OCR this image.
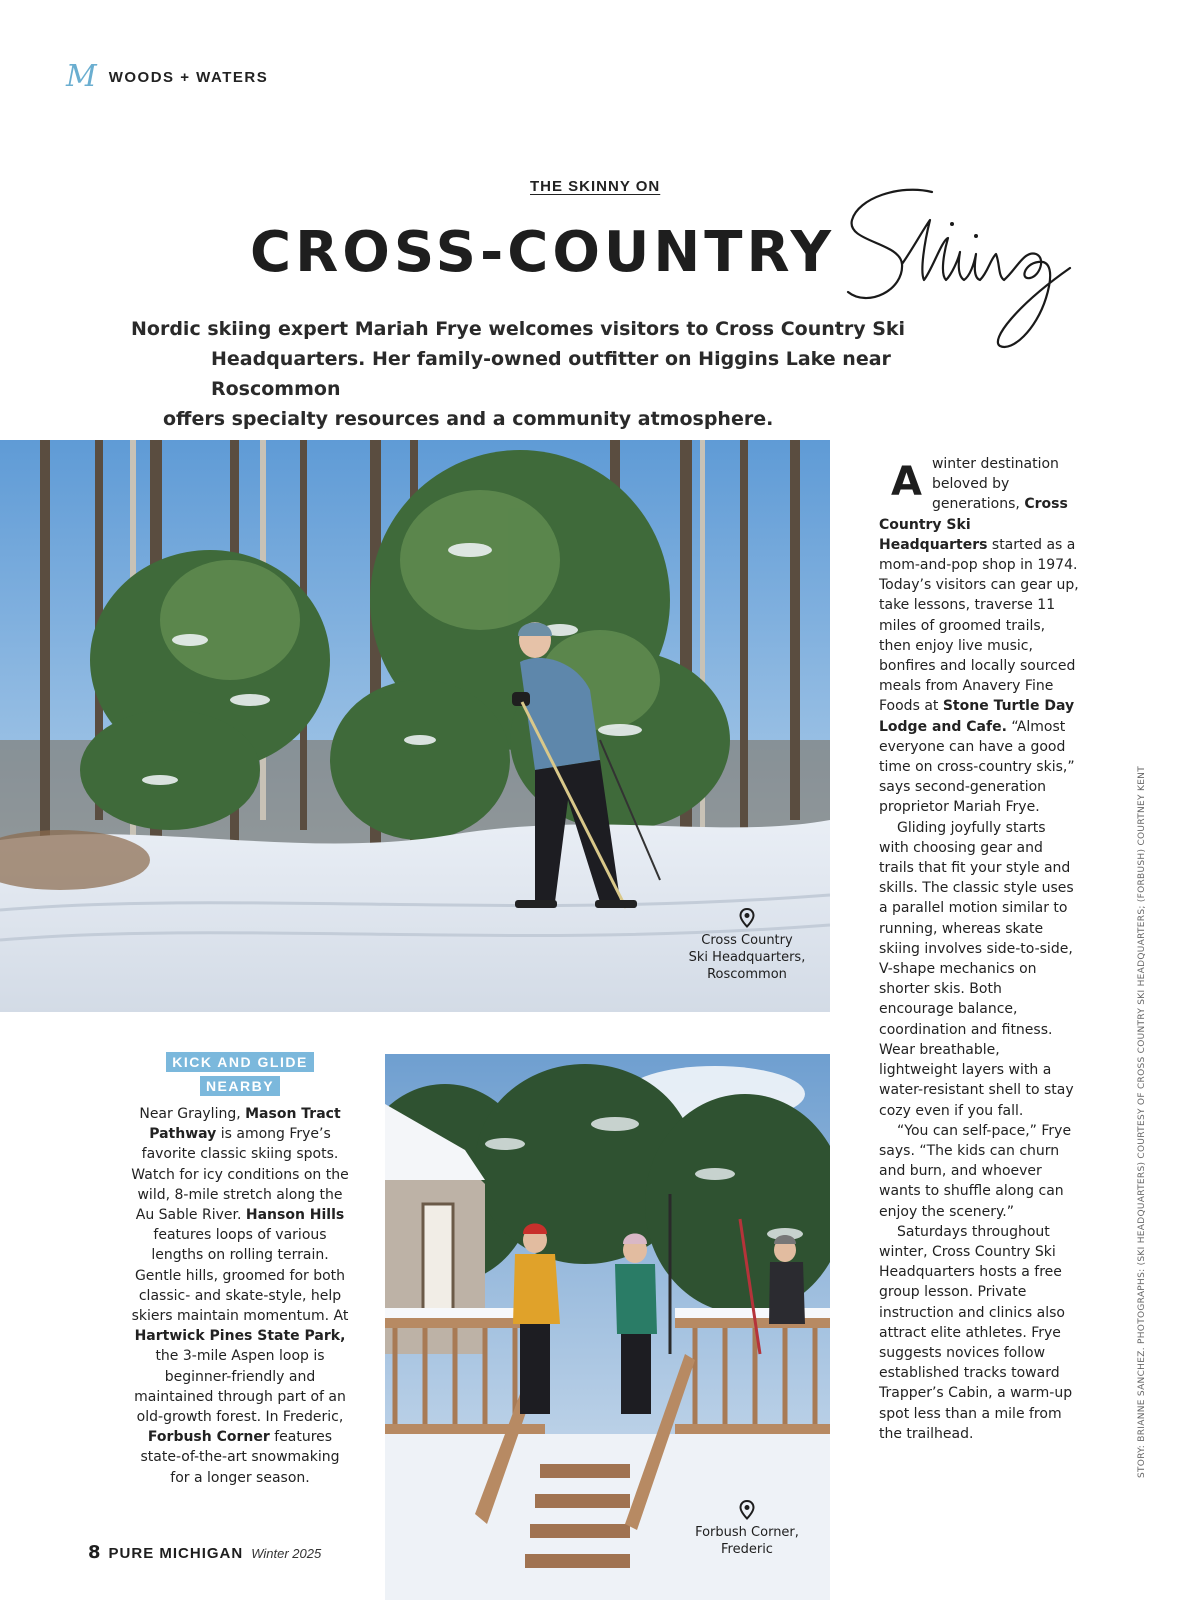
M WOODS + WATERS
THE SKINNY ON
CROSS-COUNTRY
Nordic skiing expert Mariah Frye welcomes visitors to Cross Country Ski
Headquarters. Her family-owned outfitter on Higgins Lake near Roscommon
offers specialty resources and a community atmosphere.
Cross Country
Ski Headquarters,
Roscommon

Awinter destination beloved by generations, Cross Country Ski Headquarters started as a mom-and-pop shop in 1974. Today’s visitors can gear up, take lessons, traverse 11 miles of groomed trails, then enjoy live music, bonfires and locally sourced meals from Anavery Fine Foods at Stone Turtle Day Lodge and Cafe. “Almost everyone can have a good time on cross-country skis,” says second-generation proprietor Mariah Frye.

Gliding joyfully starts with choosing gear and trails that fit your style and skills. The classic style uses a parallel motion similar to running, whereas skate skiing involves side-to-side, V-shape mechanics on shorter skis. Both encourage balance, coordination and fitness. Wear breathable, lightweight layers with a water-resistant shell to stay cozy even if you fall.

“You can self-pace,” Frye says. “The kids can churn and burn, and whoever wants to shuffle along can enjoy the scenery.”

Saturdays throughout winter, Cross Country Ski Headquarters hosts a free group lesson. Private instruction and clinics also attract elite athletes. Frye suggests novices follow established tracks toward Trapper’s Cabin, a warm-up spot less than a mile from the trailhead.

KICK AND GLIDE
NEARBY

Near Grayling, Mason Tract Pathway is among Frye’s favorite classic skiing spots. Watch for icy conditions on the wild, 8-mile stretch along the Au Sable River. Hanson Hills features loops of various lengths on rolling terrain. Gentle hills, groomed for both classic- and skate-style, help skiers maintain momentum. At Hartwick Pines State Park, the 3-mile Aspen loop is beginner-friendly and maintained through part of an old-growth forest. In Frederic, Forbush Corner features state-of-the-art snowmaking for a longer season.

Forbush Corner,
Frederic
STORY: BRIANNE SANCHEZ. PHOTOGRAPHS: (SKI HEADQUARTERS) COURTESY OF CROSS COUNTRY SKI HEADQUARTERS; (FORBUSH) COURTNEY KENT
8 PURE MICHIGAN Winter 2025
